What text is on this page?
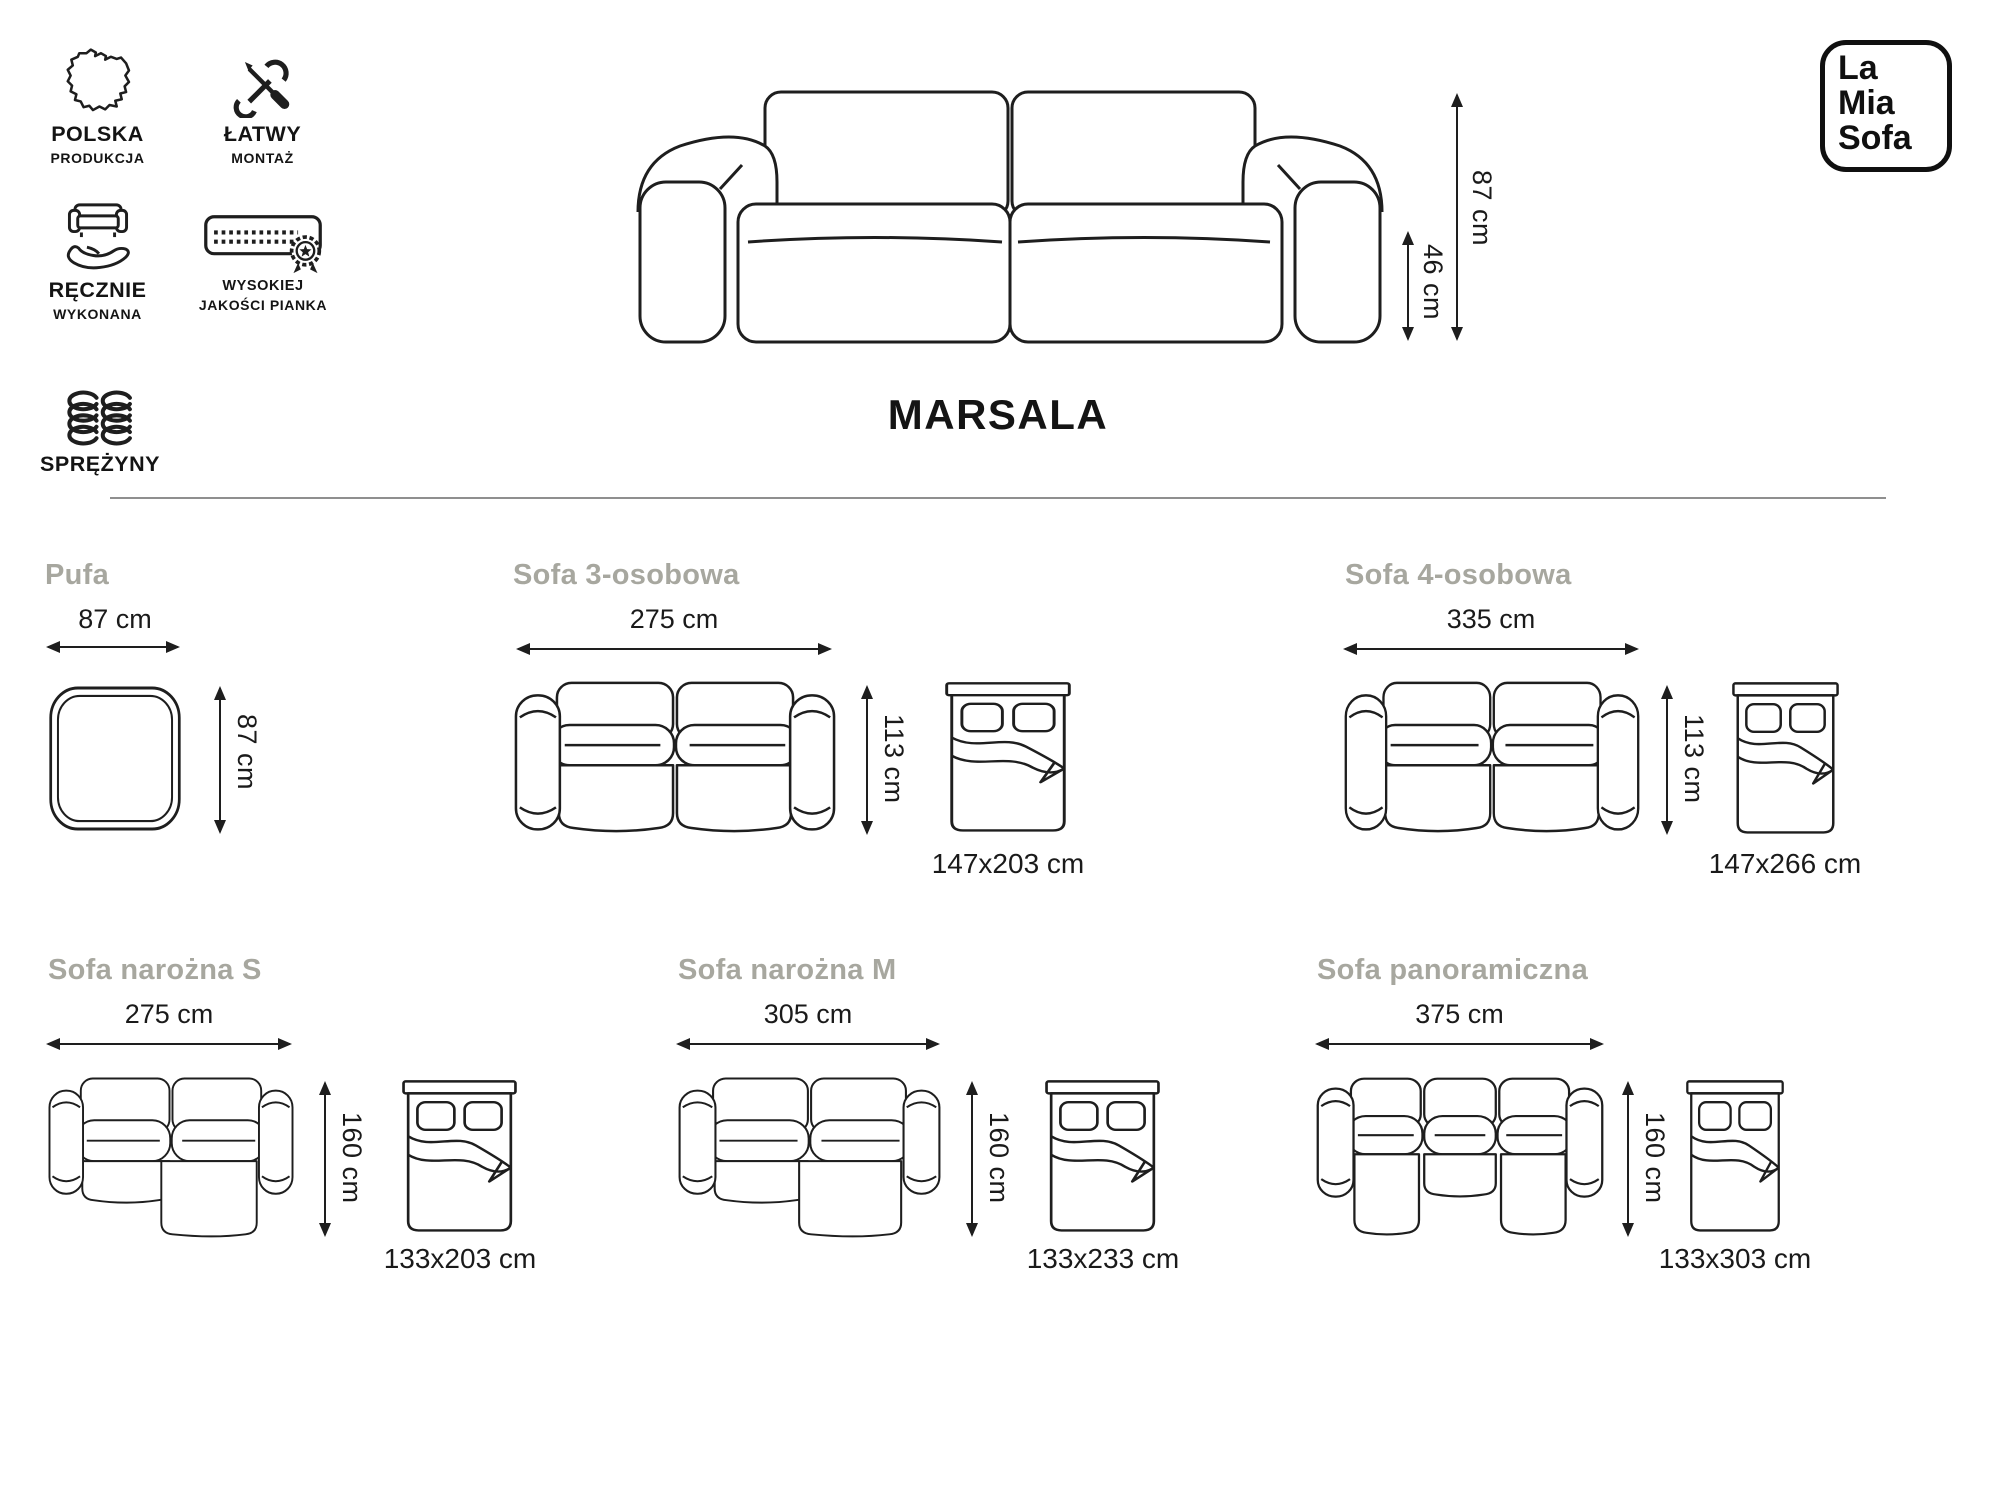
POLSKA
PRODUKCJA
ŁATWY
MONTAŻ
RĘCZNIE
WYKONANA
WYSOKIEJ
JAKOŚCI PIANKA
SPRĘŻYNY
87 cm
46 cm
MARSALA
La
Mia
Sofa
Pufa
87 cm
87 cm
Sofa 3-osobowa
275 cm
113 cm
147x203 cm
Sofa 4-osobowa
335 cm
113 cm
147x266 cm
Sofa narożna S
275 cm
160 cm
133x203 cm
Sofa narożna M
305 cm
160 cm
133x233 cm
Sofa panoramiczna
375 cm
160 cm
133x303 cm
